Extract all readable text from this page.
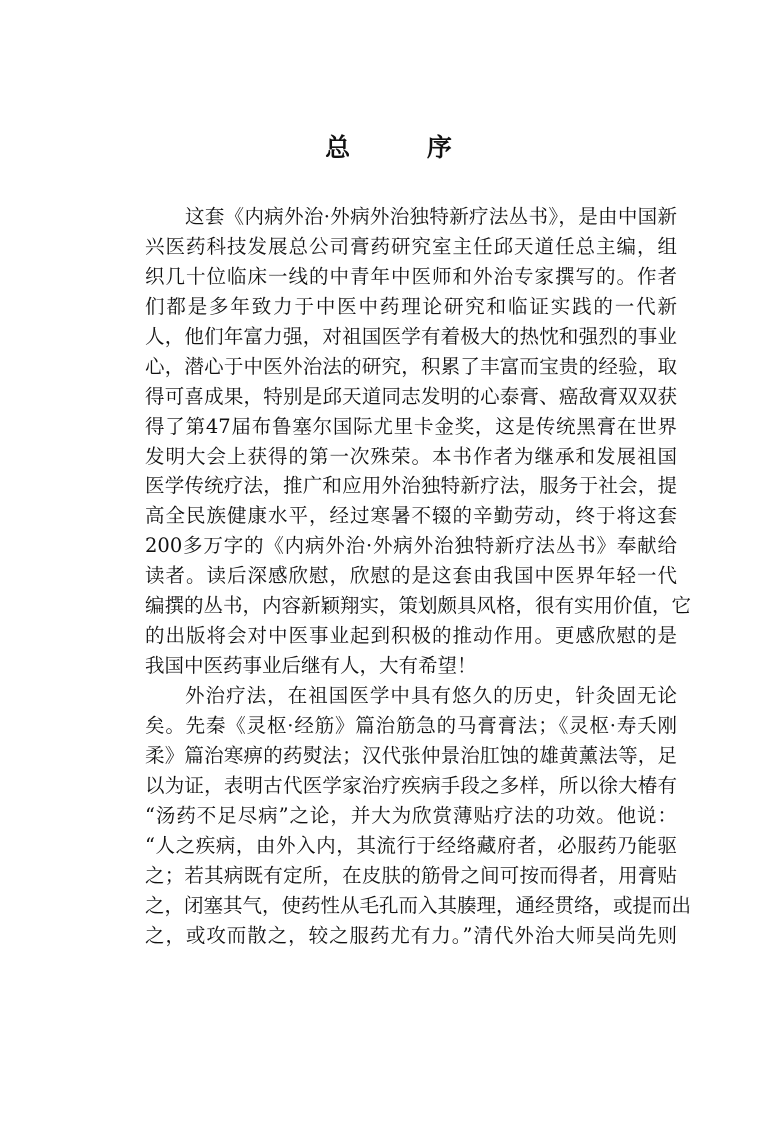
总 序
这套《内病外治·外病外治独特新疗法丛书》，是由中国新
兴医药科技发展总公司膏药研究室主任邱天道任总主编，组
织几十位临床一线的中青年中医师和外治专家撰写的。作者
们都是多年致力于中医中药理论研究和临证实践的一代新
人，他们年富力强，对祖国医学有着极大的热忱和强烈的事业
心，潜心于中医外治法的研究，积累了丰富而宝贵的经验，取
得可喜成果，特别是邱天道同志发明的心泰膏、癌敌膏双双获
得了第47届布鲁塞尔国际尤里卡金奖，这是传统黑膏在世界
发明大会上获得的第一次殊荣。本书作者为继承和发展祖国
医学传统疗法，推广和应用外治独特新疗法，服务于社会，提
高全民族健康水平，经过寒暑不辍的辛勤劳动，终于将这套
200多万字的《内病外治·外病外治独特新疗法丛书》奉献给
读者。读后深感欣慰，欣慰的是这套由我国中医界年轻一代
编撰的丛书，内容新颖翔实，策划颇具风格，很有实用价值，它
的出版将会对中医事业起到积极的推动作用。更感欣慰的是
我国中医药事业后继有人，大有希望！
外治疗法，在祖国医学中具有悠久的历史，针灸固无论
矣。先秦《灵枢·经筋》篇治筋急的马膏膏法；《灵枢·寿夭刚
柔》篇治寒痹的药熨法；汉代张仲景治肛蚀的雄黄薰法等，足
以为证，表明古代医学家治疗疾病手段之多样，所以徐大椿有
“汤药不足尽病”之论，并大为欣赏薄贴疗法的功效。他说：
“人之疾病，由外入内，其流行于经络藏府者，必服药乃能驱
之；若其病既有定所，在皮肤的筋骨之间可按而得者，用膏贴
之，闭塞其气，使药性从毛孔而入其腠理，通经贯络，或提而出
之，或攻而散之，较之服药尤有力。”清代外治大师吴尚先则
